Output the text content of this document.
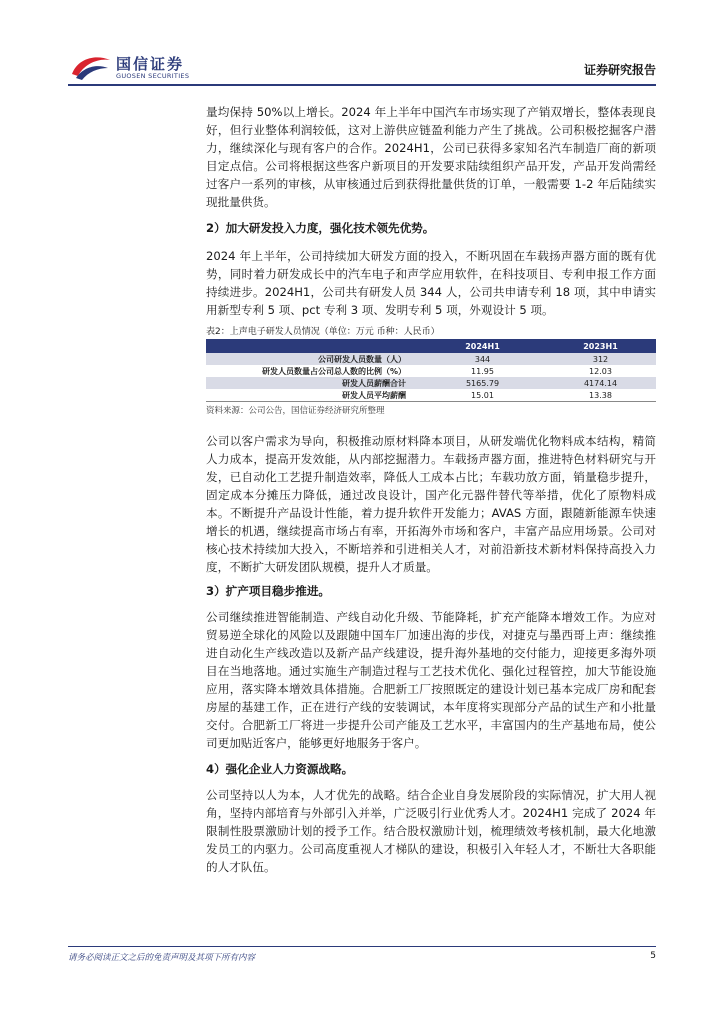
国信证券
GUOSEN SECURITIES	证券研究报告

量均保持 50%以上增长。2024 年上半年中国汽车市场实现了产销双增长，整体表现良好，但行业整体利润较低，这对上游供应链盈利能力产生了挑战。公司积极挖掘客户潜力，继续深化与现有客户的合作。2024H1，公司已获得多家知名汽车制造厂商的新项目定点信。公司将根据这些客户新项目的开发要求陆续组织产品开发，产品开发尚需经过客户一系列的审核，从审核通过后到获得批量供货的订单，一般需要 1-2 年后陆续实现批量供货。

2）加大研发投入力度，强化技术领先优势。

2024 年上半年，公司持续加大研发方面的投入，不断巩固在车载扬声器方面的既有优势，同时着力研发成长中的汽车电子和声学应用软件，在科技项目、专利申报工作方面持续进步。2024H1，公司共有研发人员 344 人，公司共申请专利 18 项，其中申请实用新型专利 5 项、pct 专利 3 项、发明专利 5 项，外观设计 5 项。

表2：上声电子研发人员情况（单位：万元 币种：人民币）
	2024H1	2023H1
公司研发人员数量（人）	344	312
研发人员数量占公司总人数的比例（%）	11.95	12.03
研发人员薪酬合计	5165.79	4174.14
研发人员平均薪酬	15.01	13.38
资料来源：公司公告，国信证券经济研究所整理

公司以客户需求为导向，积极推动原材料降本项目，从研发端优化物料成本结构，精简人力成本，提高开发效能，从内部挖掘潜力。车载扬声器方面，推进特色材料研究与开发，已自动化工艺提升制造效率，降低人工成本占比；车载功放方面，销量稳步提升，固定成本分摊压力降低，通过改良设计，国产化元器件替代等举措，优化了原物料成本。不断提升产品设计性能，着力提升软件开发能力；AVAS 方面，跟随新能源车快速增长的机遇，继续提高市场占有率，开拓海外市场和客户，丰富产品应用场景。公司对核心技术持续加大投入，不断培养和引进相关人才，对前沿新技术新材料保持高投入力度，不断扩大研发团队规模，提升人才质量。

3）扩产项目稳步推进。

公司继续推进智能制造、产线自动化升级、节能降耗，扩充产能降本增效工作。为应对贸易逆全球化的风险以及跟随中国车厂加速出海的步伐，对捷克与墨西哥上声：继续推进自动化生产线改造以及新产品产线建设，提升海外基地的交付能力，迎接更多海外项目在当地落地。通过实施生产制造过程与工艺技术优化、强化过程管控，加大节能设施应用，落实降本增效具体措施。合肥新工厂按照既定的建设计划已基本完成厂房和配套房屋的基建工作，正在进行产线的安装调试，本年度将实现部分产品的试生产和小批量交付。合肥新工厂将进一步提升公司产能及工艺水平，丰富国内的生产基地布局，使公司更加贴近客户，能够更好地服务于客户。

4）强化企业人力资源战略。

公司坚持以人为本，人才优先的战略。结合企业自身发展阶段的实际情况，扩大用人视角，坚持内部培育与外部引入并举，广泛吸引行业优秀人才。2024H1 完成了 2024 年限制性股票激励计划的授予工作。结合股权激励计划，梳理绩效考核机制，最大化地激发员工的内驱力。公司高度重视人才梯队的建设，积极引入年轻人才，不断壮大各职能的人才队伍。

请务必阅读正文之后的免责声明及其项下所有内容	5
